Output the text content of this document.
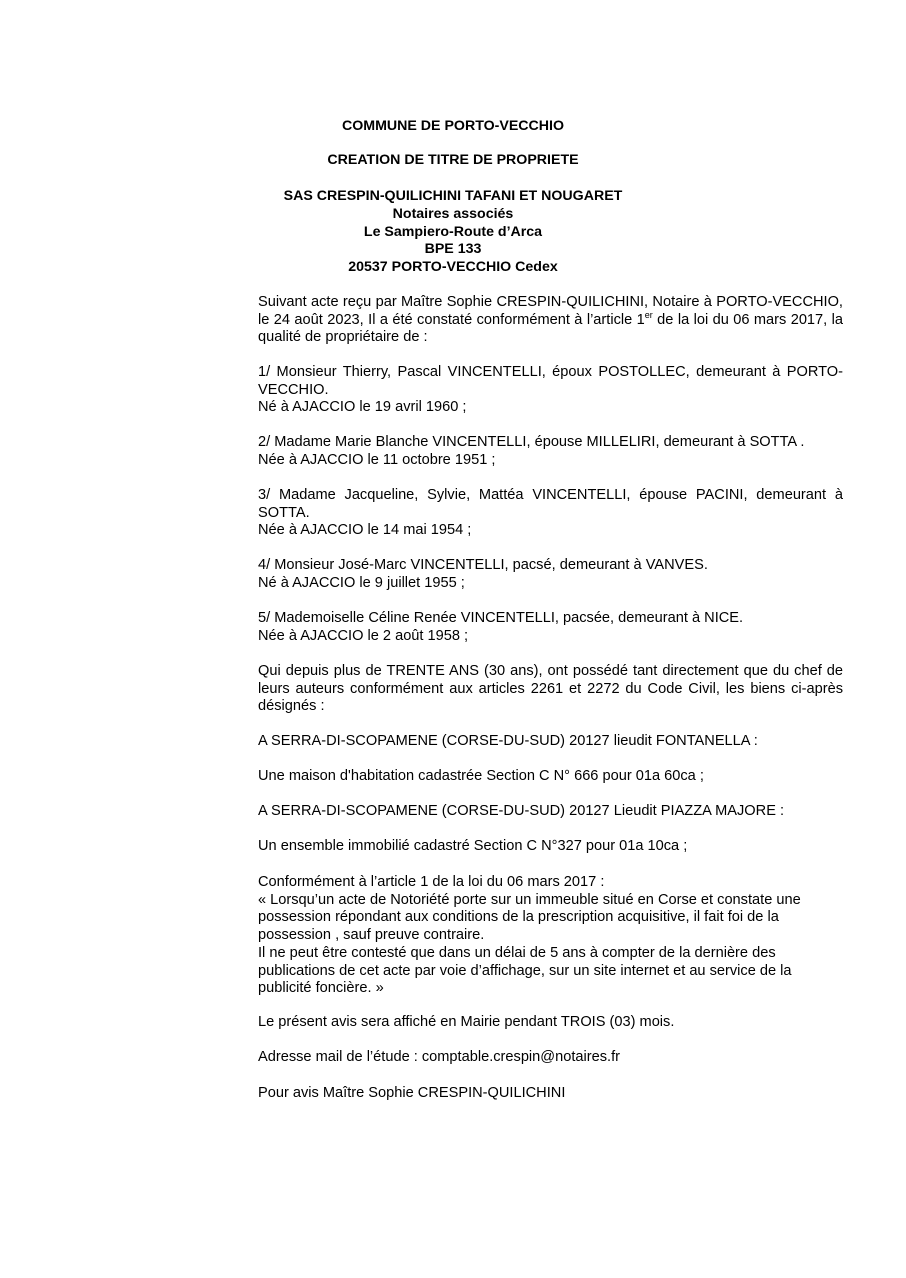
COMMUNE DE PORTO-VECCHIO
CREATION DE TITRE DE PROPRIETE
SAS CRESPIN-QUILICHINI TAFANI ET NOUGARET
Notaires associés
Le Sampiero-Route d’Arca
BPE 133
20537 PORTO-VECCHIO Cedex

Suivant acte reçu par Maître Sophie CRESPIN-QUILICHINI, Notaire à PORTO-VECCHIO, le 24 août 2023, Il a été constaté conformément à l’article 1er de la loi du 06 mars 2017, la qualité de propriétaire de :

1/ Monsieur Thierry, Pascal VINCENTELLI, époux POSTOLLEC, demeurant à PORTO-VECCHIO.

Né à AJACCIO le 19 avril 1960 ;

2/ Madame Marie Blanche VINCENTELLI, épouse MILLELIRI, demeurant à SOTTA .

Née à AJACCIO le 11 octobre 1951 ;

3/ Madame Jacqueline, Sylvie, Mattéa VINCENTELLI, épouse PACINI, demeurant à SOTTA.

Née à AJACCIO le 14 mai 1954 ;

4/ Monsieur José-Marc VINCENTELLI, pacsé, demeurant à VANVES.

Né à AJACCIO le 9 juillet 1955 ;

5/ Mademoiselle Céline Renée VINCENTELLI, pacsée, demeurant à NICE.

Née à AJACCIO le 2 août 1958 ;

Qui depuis plus de TRENTE ANS (30 ans), ont possédé tant directement que du chef de leurs auteurs conformément aux articles 2261 et 2272 du Code Civil, les biens ci-après désignés :

A SERRA-DI-SCOPAMENE (CORSE-DU-SUD) 20127 lieudit FONTANELLA :

Une maison d'habitation cadastrée Section C N° 666 pour 01a 60ca ;

A SERRA-DI-SCOPAMENE (CORSE-DU-SUD) 20127 Lieudit PIAZZA MAJORE :

Un ensemble immobilié cadastré Section C N°327 pour 01a 10ca ;

Conformément à l’article 1 de la loi du 06 mars 2017 :

« Lorsqu’un acte de Notoriété porte sur un immeuble situé en Corse et constate une possession répondant aux conditions de la prescription acquisitive, il fait foi de la possession , sauf preuve contraire.

Il ne peut être contesté que dans un délai de 5 ans à compter de la dernière des publications de cet acte par voie d’affichage, sur un site internet et au service de la publicité foncière. »

Le présent avis sera affiché en Mairie pendant TROIS (03) mois.

Adresse mail de l’étude : comptable.crespin@notaires.fr

Pour avis Maître Sophie CRESPIN-QUILICHINI
